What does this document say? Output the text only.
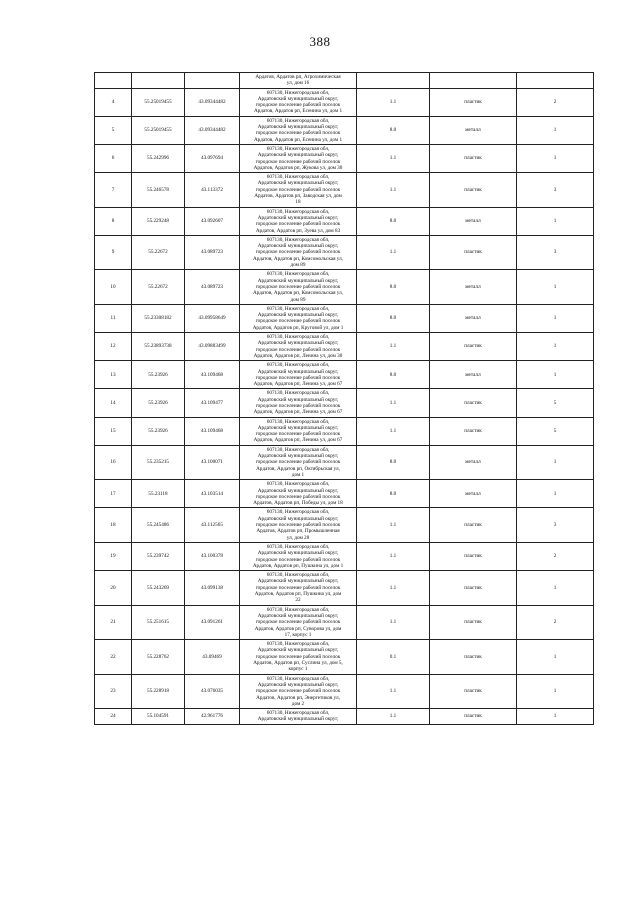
388
			Ардатов, Ардатов рп, Агрохимическая
ул, дом 16			
4	55.25019455	43.09344482	607130, Нижегородская обл,
Ардатовский муниципальный округ,
городское поселение рабочий поселок
Ардатов, Ардатов рп, Есенина ул, дом 1	1.1	пластик	2
5	55.25019455	43.09344482	607130, Нижегородская обл,
Ардатовский муниципальный округ,
городское поселение рабочий поселок
Ардатов, Ардатов рп, Есенина ул, дом 1	8.0	металл	1
6	55.242996	43.097694	607130, Нижегородская обл,
Ардатовский муниципальный округ,
городское поселение рабочий поселок
Ардатов, Ардатов рп, Жукова ул, дом 30	1.1	пластик	1
7	55.246578	43.113372	607130, Нижегородская обл,
Ардатовский муниципальный округ,
городское поселение рабочий поселок
Ардатов, Ардатов рп, Заводская ул, дом
18	1.1	пластик	3
8	55.229248	43.092607	607130, Нижегородская обл,
Ардатовский муниципальный округ,
городское поселение рабочий поселок
Ардатов, Ардатов рп, Зуева ул, дом 83	8.0	металл	1
9	55.22672	43.089723	607130, Нижегородская обл,
Ардатовский муниципальный округ,
городское поселение рабочий поселок
Ардатов, Ардатов рп, Комсомольская ул,
дом 89	1.1	пластик	3
10	55.22672	43.089723	607130, Нижегородская обл,
Ардатовский муниципальный округ,
городское поселение рабочий поселок
Ардатов, Ардатов рп, Комсомольская ул,
дом 89	8.0	металл	1
11	55.23308182	43.09958649	607130, Нижегородская обл,
Ардатовский муниципальный округ,
городское поселение рабочий поселок
Ардатов, Ардатов рп, Круговой ул, дом 1	8.0	металл	1
12	55.23893738	43.09883499	607130, Нижегородская обл,
Ардатовский муниципальный округ,
городское поселение рабочий поселок
Ардатов, Ардатов рп, Ленина ул, дом 30	1.1	пластик	1
13	55.23926	43.109468	607130, Нижегородская обл,
Ардатовский муниципальный округ,
городское поселение рабочий поселок
Ардатов, Ардатов рп, Ленина ул, дом 67	8.0	металл	1
14	55.23926	43.109477	607130, Нижегородская обл,
Ардатовский муниципальный округ,
городское поселение рабочий поселок
Ардатов, Ардатов рп, Ленина ул, дом 67	1.1	пластик	5
15	55.23926	43.109468	607130, Нижегородская обл,
Ардатовский муниципальный округ,
городское поселение рабочий поселок
Ардатов, Ардатов рп, Ленина ул, дом 67	1.1	пластик	5
16	55.235215	43.100071	607130, Нижегородская обл,
Ардатовский муниципальный округ,
городское поселение рабочий поселок
Ардатов, Ардатов рп, Октябрьская ул,
дом 1	8.0	металл	1
17	55.23118	43.103514	607130, Нижегородская обл,
Ардатовский муниципальный округ,
городское поселение рабочий поселок
Ардатов, Ардатов рп, Победы ул, дом 18	8.0	металл	1
18	55.245486	43.112565	607130, Нижегородская обл,
Ардатовский муниципальный округ,
городское поселение рабочий поселок
Ардатов, Ардатов рп, Промышленная
ул, дом 28	1.1	пластик	3
19	55.239742	43.100378	607130, Нижегородская обл,
Ардатовский муниципальный округ,
городское поселение рабочий поселок
Ардатов, Ардатов рп, Пушкина ул, дом 1	1.1	пластик	2
20	55.243269	43.099138	607130, Нижегородская обл,
Ардатовский муниципальный округ,
городское поселение рабочий поселок
Ардатов, Ардатов рп, Пушкина ул, дом
22	1.1	пластик	1
21	55.251615	43.091261	607130, Нижегородская обл,
Ардатовский муниципальный округ,
городское поселение рабочий поселок
Ардатов, Ардатов рп, Суворова ул, дом
17, корпус 1	1.1	пластик	2
22	55.228762	43.09469	607130, Нижегородская обл,
Ардатовский муниципальный округ,
городское поселение рабочий поселок
Ардатов, Ардатов рп, Суслина ул, дом 5,
корпус 1	0.1	пластик	1
23	55.228918	43.076035	607130, Нижегородская обл,
Ардатовский муниципальный округ,
городское поселение рабочий поселок
Ардатов, Ардатов рп, Энергетиков ул,
дом 2	1.1	пластик	1
24	55.104591	42.961776	607130, Нижегородская обл,
Ардатовский муниципальный округ,	1.1	пластик	1
